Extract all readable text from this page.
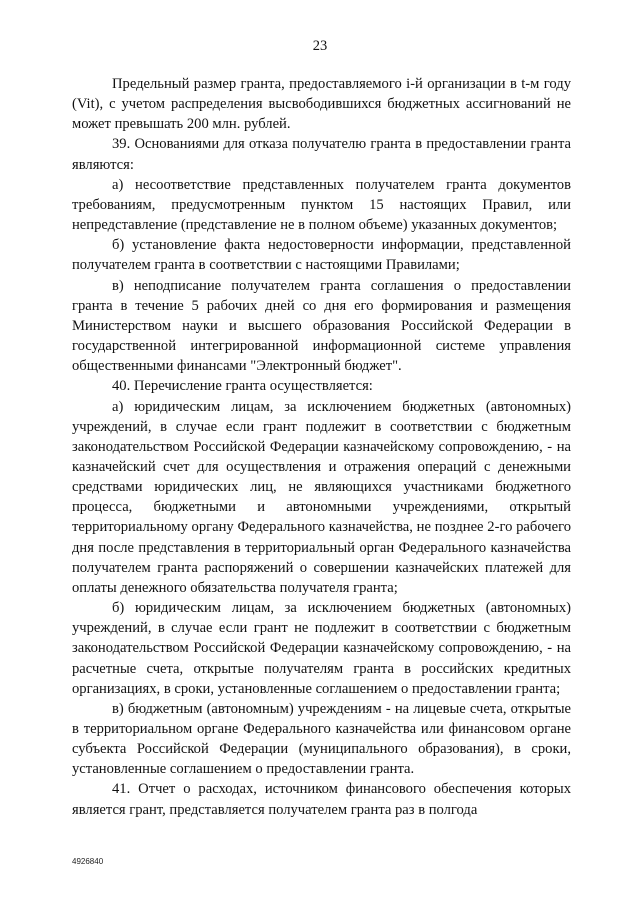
23

Предельный размер гранта, предоставляемого i-й организации в t-м году (Vit), с учетом распределения высвободившихся бюджетных ассигнований не может превышать 200 млн. рублей.

39. Основаниями для отказа получателю гранта в предоставлении гранта являются:

а) несоответствие представленных получателем гранта документов требованиям, предусмотренным пунктом 15 настоящих Правил, или непредставление (представление не в полном объеме) указанных документов;

б) установление факта недостоверности информации, представленной получателем гранта в соответствии с настоящими Правилами;

в) неподписание получателем гранта соглашения о предоставлении гранта в течение 5 рабочих дней со дня его формирования и размещения Министерством науки и высшего образования Российской Федерации в государственной интегрированной информационной системе управления общественными финансами "Электронный бюджет".

40. Перечисление гранта осуществляется:

а) юридическим лицам, за исключением бюджетных (автономных) учреждений, в случае если грант подлежит в соответствии с бюджетным законодательством Российской Федерации казначейскому сопровождению, - на казначейский счет для осуществления и отражения операций с денежными средствами юридических лиц, не являющихся участниками бюджетного процесса, бюджетными и автономными учреждениями, открытый территориальному органу Федерального казначейства, не позднее 2-го рабочего дня после представления в территориальный орган Федерального казначейства получателем гранта распоряжений о совершении казначейских платежей для оплаты денежного обязательства получателя гранта;

б) юридическим лицам, за исключением бюджетных (автономных) учреждений, в случае если грант не подлежит в соответствии с бюджетным законодательством Российской Федерации казначейскому сопровождению, - на расчетные счета, открытые получателям гранта в российских кредитных организациях, в сроки, установленные соглашением о предоставлении гранта;

в) бюджетным (автономным) учреждениям - на лицевые счета, открытые в территориальном органе Федерального казначейства или финансовом органе субъекта Российской Федерации (муниципального образования), в сроки, установленные соглашением о предоставлении гранта.

41. Отчет о расходах, источником финансового обеспечения которых является грант, представляется получателем гранта раз в полгода

4926840
